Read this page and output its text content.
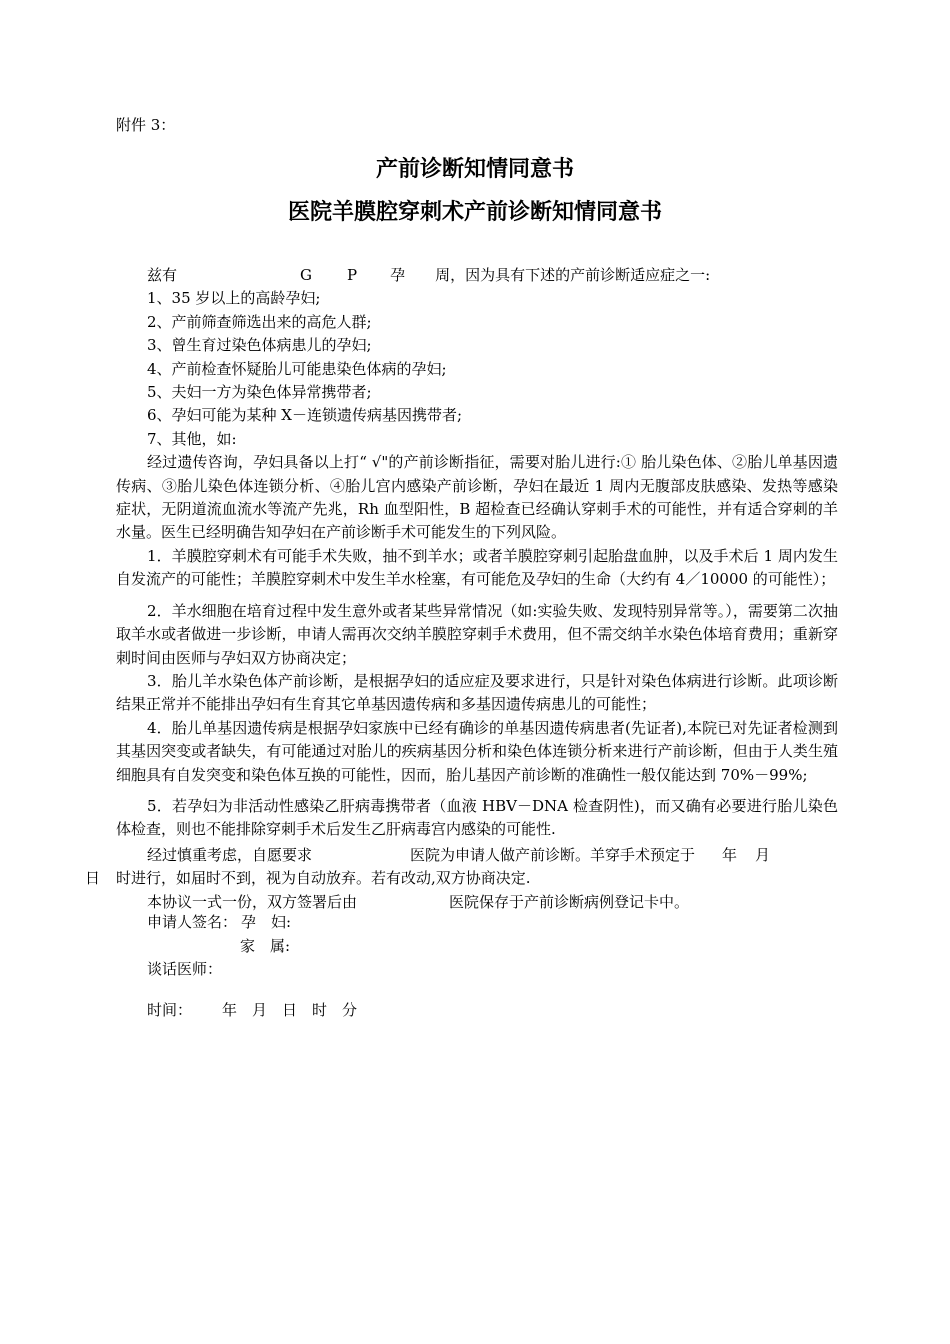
附件 3：
产前诊断知情同意书
医院羊膜腔穿刺术产前诊断知情同意书

兹有	G P 孕 周，因为具有下述的产前诊断适应症之一:

1、35 岁以上的高龄孕妇;

2、产前筛查筛选出来的高危人群;

3、曾生育过染色体病患儿的孕妇;

4、产前检查怀疑胎儿可能患染色体病的孕妇;

5、夫妇一方为染色体异常携带者;

6、孕妇可能为某种 X－连锁遗传病基因携带者;

7、其他，如:

经过遗传咨询，孕妇具备以上打“ √"的产前诊断指征，需要对胎儿进行:① 胎儿染色体、②胎儿单基因遗传病、③胎儿染色体连锁分析、④胎儿宫内感染产前诊断，孕妇在最近 1 周内无腹部皮肤感染、发热等感染症状，无阴道流血流水等流产先兆，Rh 血型阳性，B 超检查已经确认穿刺手术的可能性，并有适合穿刺的羊水量。医生已经明确告知孕妇在产前诊断手术可能发生的下列风险。

1．羊膜腔穿刺术有可能手术失败，抽不到羊水；或者羊膜腔穿刺引起胎盘血肿，以及手术后 1 周内发生自发流产的可能性；羊膜腔穿刺术中发生羊水栓塞，有可能危及孕妇的生命（大约有 4／10000 的可能性）；

2．羊水细胞在培育过程中发生意外或者某些异常情况（如:实验失败、发现特别异常等。），需要第二次抽取羊水或者做进一步诊断，申请人需再次交纳羊膜腔穿刺手术费用，但不需交纳羊水染色体培育费用；重新穿刺时间由医师与孕妇双方协商决定；

3．胎儿羊水染色体产前诊断，是根据孕妇的适应症及要求进行，只是针对染色体病进行诊断。此项诊断结果正常并不能排出孕妇有生育其它单基因遗传病和多基因遗传病患儿的可能性；

4．胎儿单基因遗传病是根据孕妇家族中已经有确诊的单基因遗传病患者(先证者),本院已对先证者检测到其基因突变或者缺失，有可能通过对胎儿的疾病基因分析和染色体连锁分析来进行产前诊断，但由于人类生殖细胞具有自发突变和染色体互换的可能性，因而，胎儿基因产前诊断的准确性一般仅能达到 70%－99%;

5．若孕妇为非活动性感染乙肝病毒携带者（血液 HBV－DNA 检查阴性)，而又确有必要进行胎儿染色体检查，则也不能排除穿刺手术后发生乙肝病毒宫内感染的可能性.

经过慎重考虑，自愿要求	医院为申请人做产前诊断。羊穿手术预定于 年 月
日 时进行，如届时不到，视为自动放弃。若有改动,双方协商决定.

本协议一式一份，双方签署后由	医院保存于产前诊断病例登记卡中。

申请人签名： 孕　妇:
家　属:
谈话医师：
时间： 年　月　日　时　分
